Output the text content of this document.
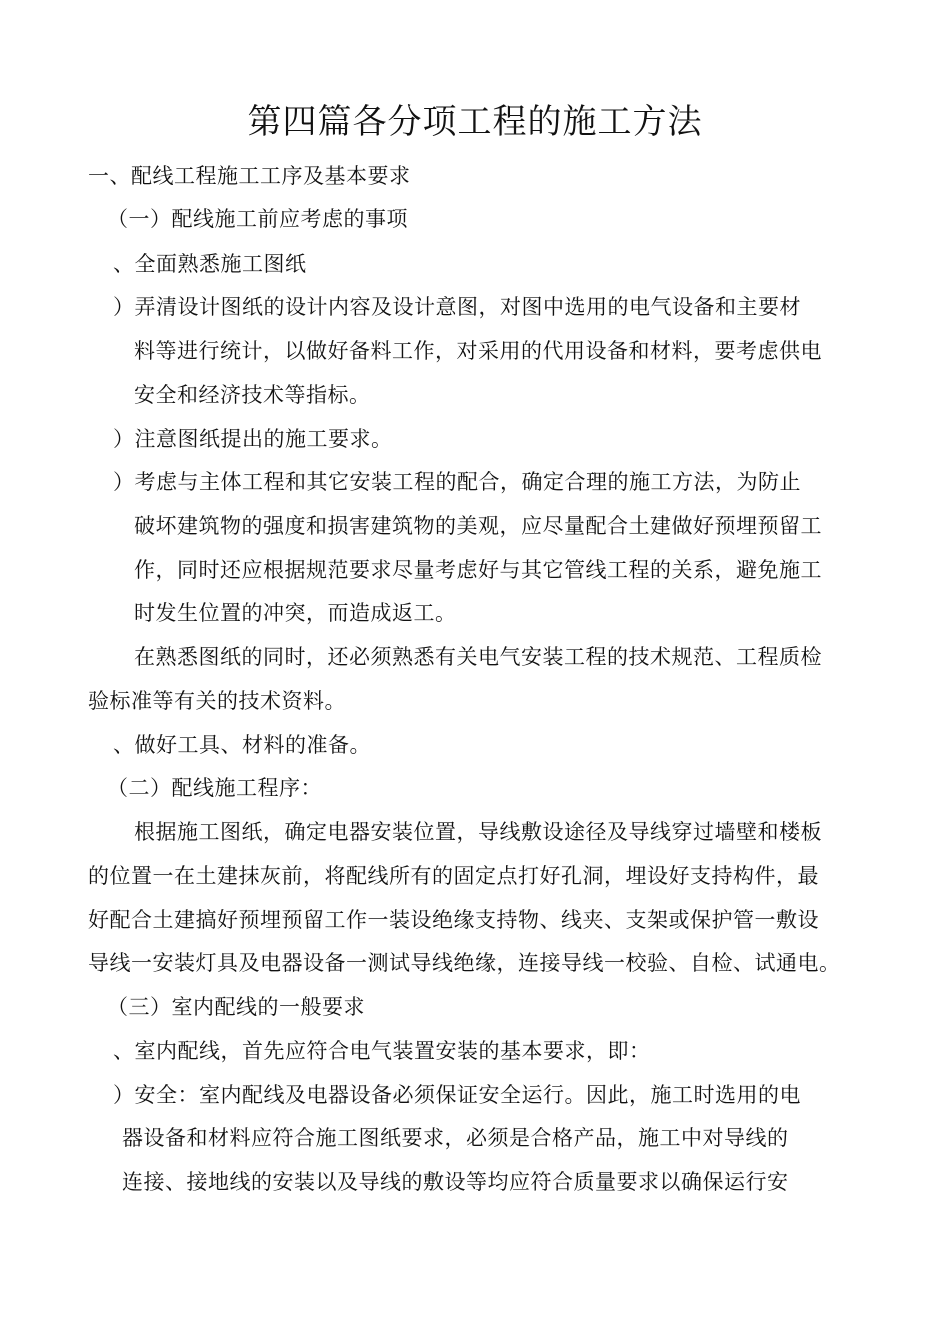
第四篇各分项工程的施工方法
一、配线工程施工工序及基本要求
（一）配线施工前应考虑的事项
、全面熟悉施工图纸
）弄清设计图纸的设计内容及设计意图，对图中选用的电气设备和主要材
料等进行统计，以做好备料工作，对采用的代用设备和材料，要考虑供电
安全和经济技术等指标。
）注意图纸提出的施工要求。
）考虑与主体工程和其它安装工程的配合，确定合理的施工方法，为防止
破坏建筑物的强度和损害建筑物的美观，应尽量配合土建做好预埋预留工
作，同时还应根据规范要求尽量考虑好与其它管线工程的关系，避免施工
时发生位置的冲突，而造成返工。
在熟悉图纸的同时，还必须熟悉有关电气安装工程的技术规范、工程质检
验标准等有关的技术资料。
、做好工具、材料的准备。
（二）配线施工程序：
根据施工图纸，确定电器安装位置，导线敷设途径及导线穿过墙壁和楼板
的位置一在土建抹灰前，将配线所有的固定点打好孔洞，埋设好支持构件，最
好配合土建搞好预埋预留工作一装设绝缘支持物、线夹、支架或保护管一敷设
导线一安装灯具及电器设备一测试导线绝缘，连接导线一校验、自检、试通电。
（三）室内配线的一般要求
、室内配线，首先应符合电气装置安装的基本要求，即：
）安全：室内配线及电器设备必须保证安全运行。因此，施工时选用的电
器设备和材料应符合施工图纸要求，必须是合格产品，施工中对导线的
连接、接地线的安装以及导线的敷设等均应符合质量要求以确保运行安
